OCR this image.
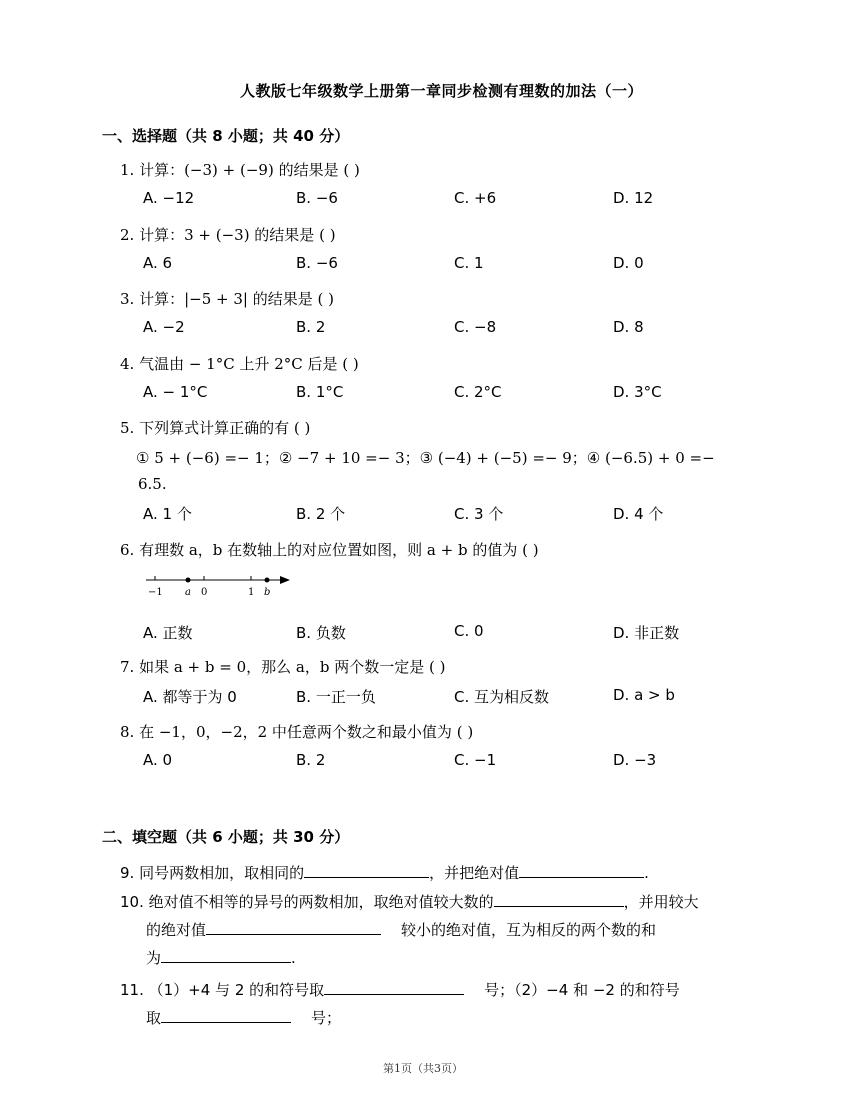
人教版七年级数学上册第一章同步检测有理数的加法（一）
一、选择题（共 8 小题；共 40 分）
1. 计算：(−3) + (−9) 的结果是 ( )
A. −12	B. −6	C. +6	D. 12
2. 计算：3 + (−3) 的结果是 ( )
A. 6	B. −6	C. 1	D. 0
3. 计算：|−5 + 3| 的结果是 ( )
A. −2	B. 2	C. −8	D. 8
4. 气温由 − 1°C 上升 2°C 后是 ( )
A. − 1°C	B. 1°C	C. 2°C	D. 3°C
5. 下列算式计算正确的有 ( )
① 5 + (−6) =− 1；② −7 + 10 =− 3；③ (−4) + (−5) =− 9；④ (−6.5) + 0 =−
6.5.
A. 1 个	B. 2 个	C. 3 个	D. 4 个
6. 有理数 a，b 在数轴上的对应位置如图，则 a + b 的值为 ( )
−1 a 0	1 b
A. 正数	B. 负数	C. 0	D. 非正数
7. 如果 a + b = 0，那么 a，b 两个数一定是 ( )
A. 都等于为 0	B. 一正一负	C. 互为相反数	D. a > b
8. 在 −1，0，−2，2 中任意两个数之和最小值为 ( )
A. 0	B. 2	C. −1	D. −3
二、填空题（共 6 小题；共 30 分）
9. 同号两数相加，取相同的	，并把绝对值	.
10. 绝对值不相等的异号的两数相加，取绝对值较大数的	，并用较大
的绝对值	较小的绝对值，互为相反的两个数的和
为	.
11. （1）+4 与 2 的和符号取	号；（2）−4 和 −2 的和符号
取	号；
第1页（共3页）
